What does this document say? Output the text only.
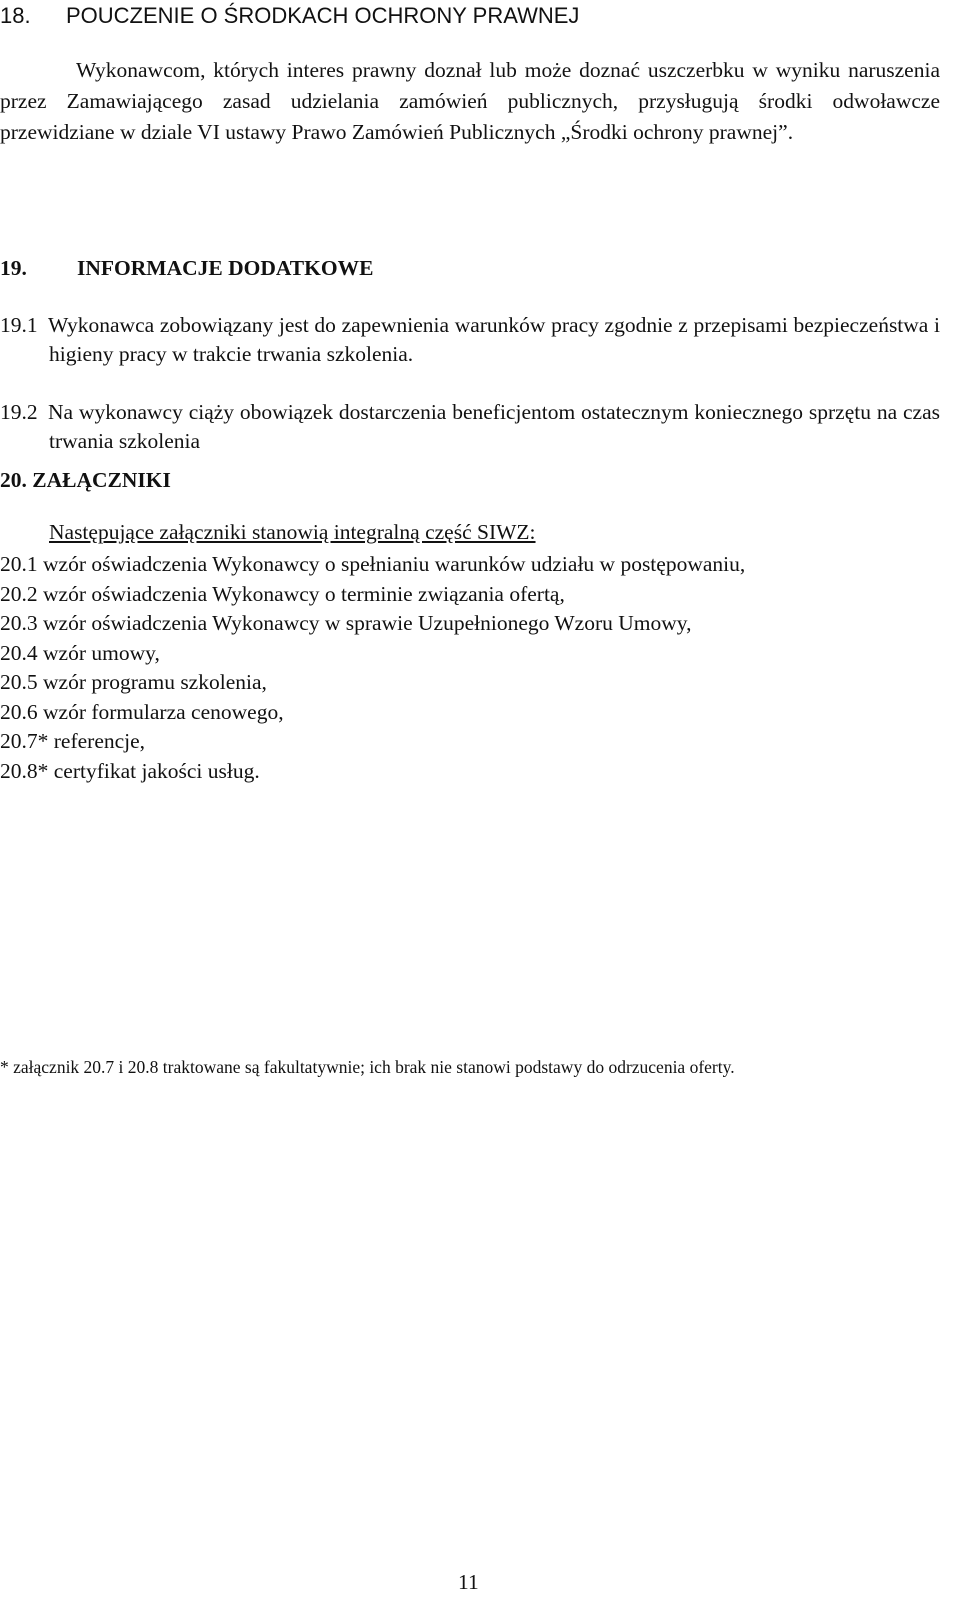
18. POUCZENIE O ŚRODKACH OCHRONY PRAWNEJ
Wykonawcom, których interes prawny doznał lub może doznać uszczerbku w wyniku naruszenia przez Zamawiającego zasad udzielania zamówień publicznych, przysługują środki odwoławcze przewidziane w dziale VI ustawy Prawo Zamówień Publicznych „Środki ochrony prawnej”.
19. INFORMACJE DODATKOWE
19.1 Wykonawca zobowiązany jest do zapewnienia warunków pracy zgodnie z przepisami bezpieczeństwa i higieny pracy w trakcie trwania szkolenia.
19.2 Na wykonawcy ciąży obowiązek dostarczenia beneficjentom ostatecznym koniecznego sprzętu na czas trwania szkolenia
20. ZAŁĄCZNIKI
Następujące załączniki stanowią integralną część SIWZ:
20.1 wzór oświadczenia Wykonawcy o spełnianiu warunków udziału w postępowaniu,
20.2 wzór oświadczenia Wykonawcy o terminie związania ofertą,
20.3 wzór oświadczenia Wykonawcy w sprawie Uzupełnionego Wzoru Umowy,
20.4 wzór umowy,
20.5 wzór programu szkolenia,
20.6 wzór formularza cenowego,
20.7* referencje,
20.8* certyfikat jakości usług.
* załącznik 20.7 i 20.8 traktowane są fakultatywnie; ich brak nie stanowi podstawy do odrzucenia oferty.
11
